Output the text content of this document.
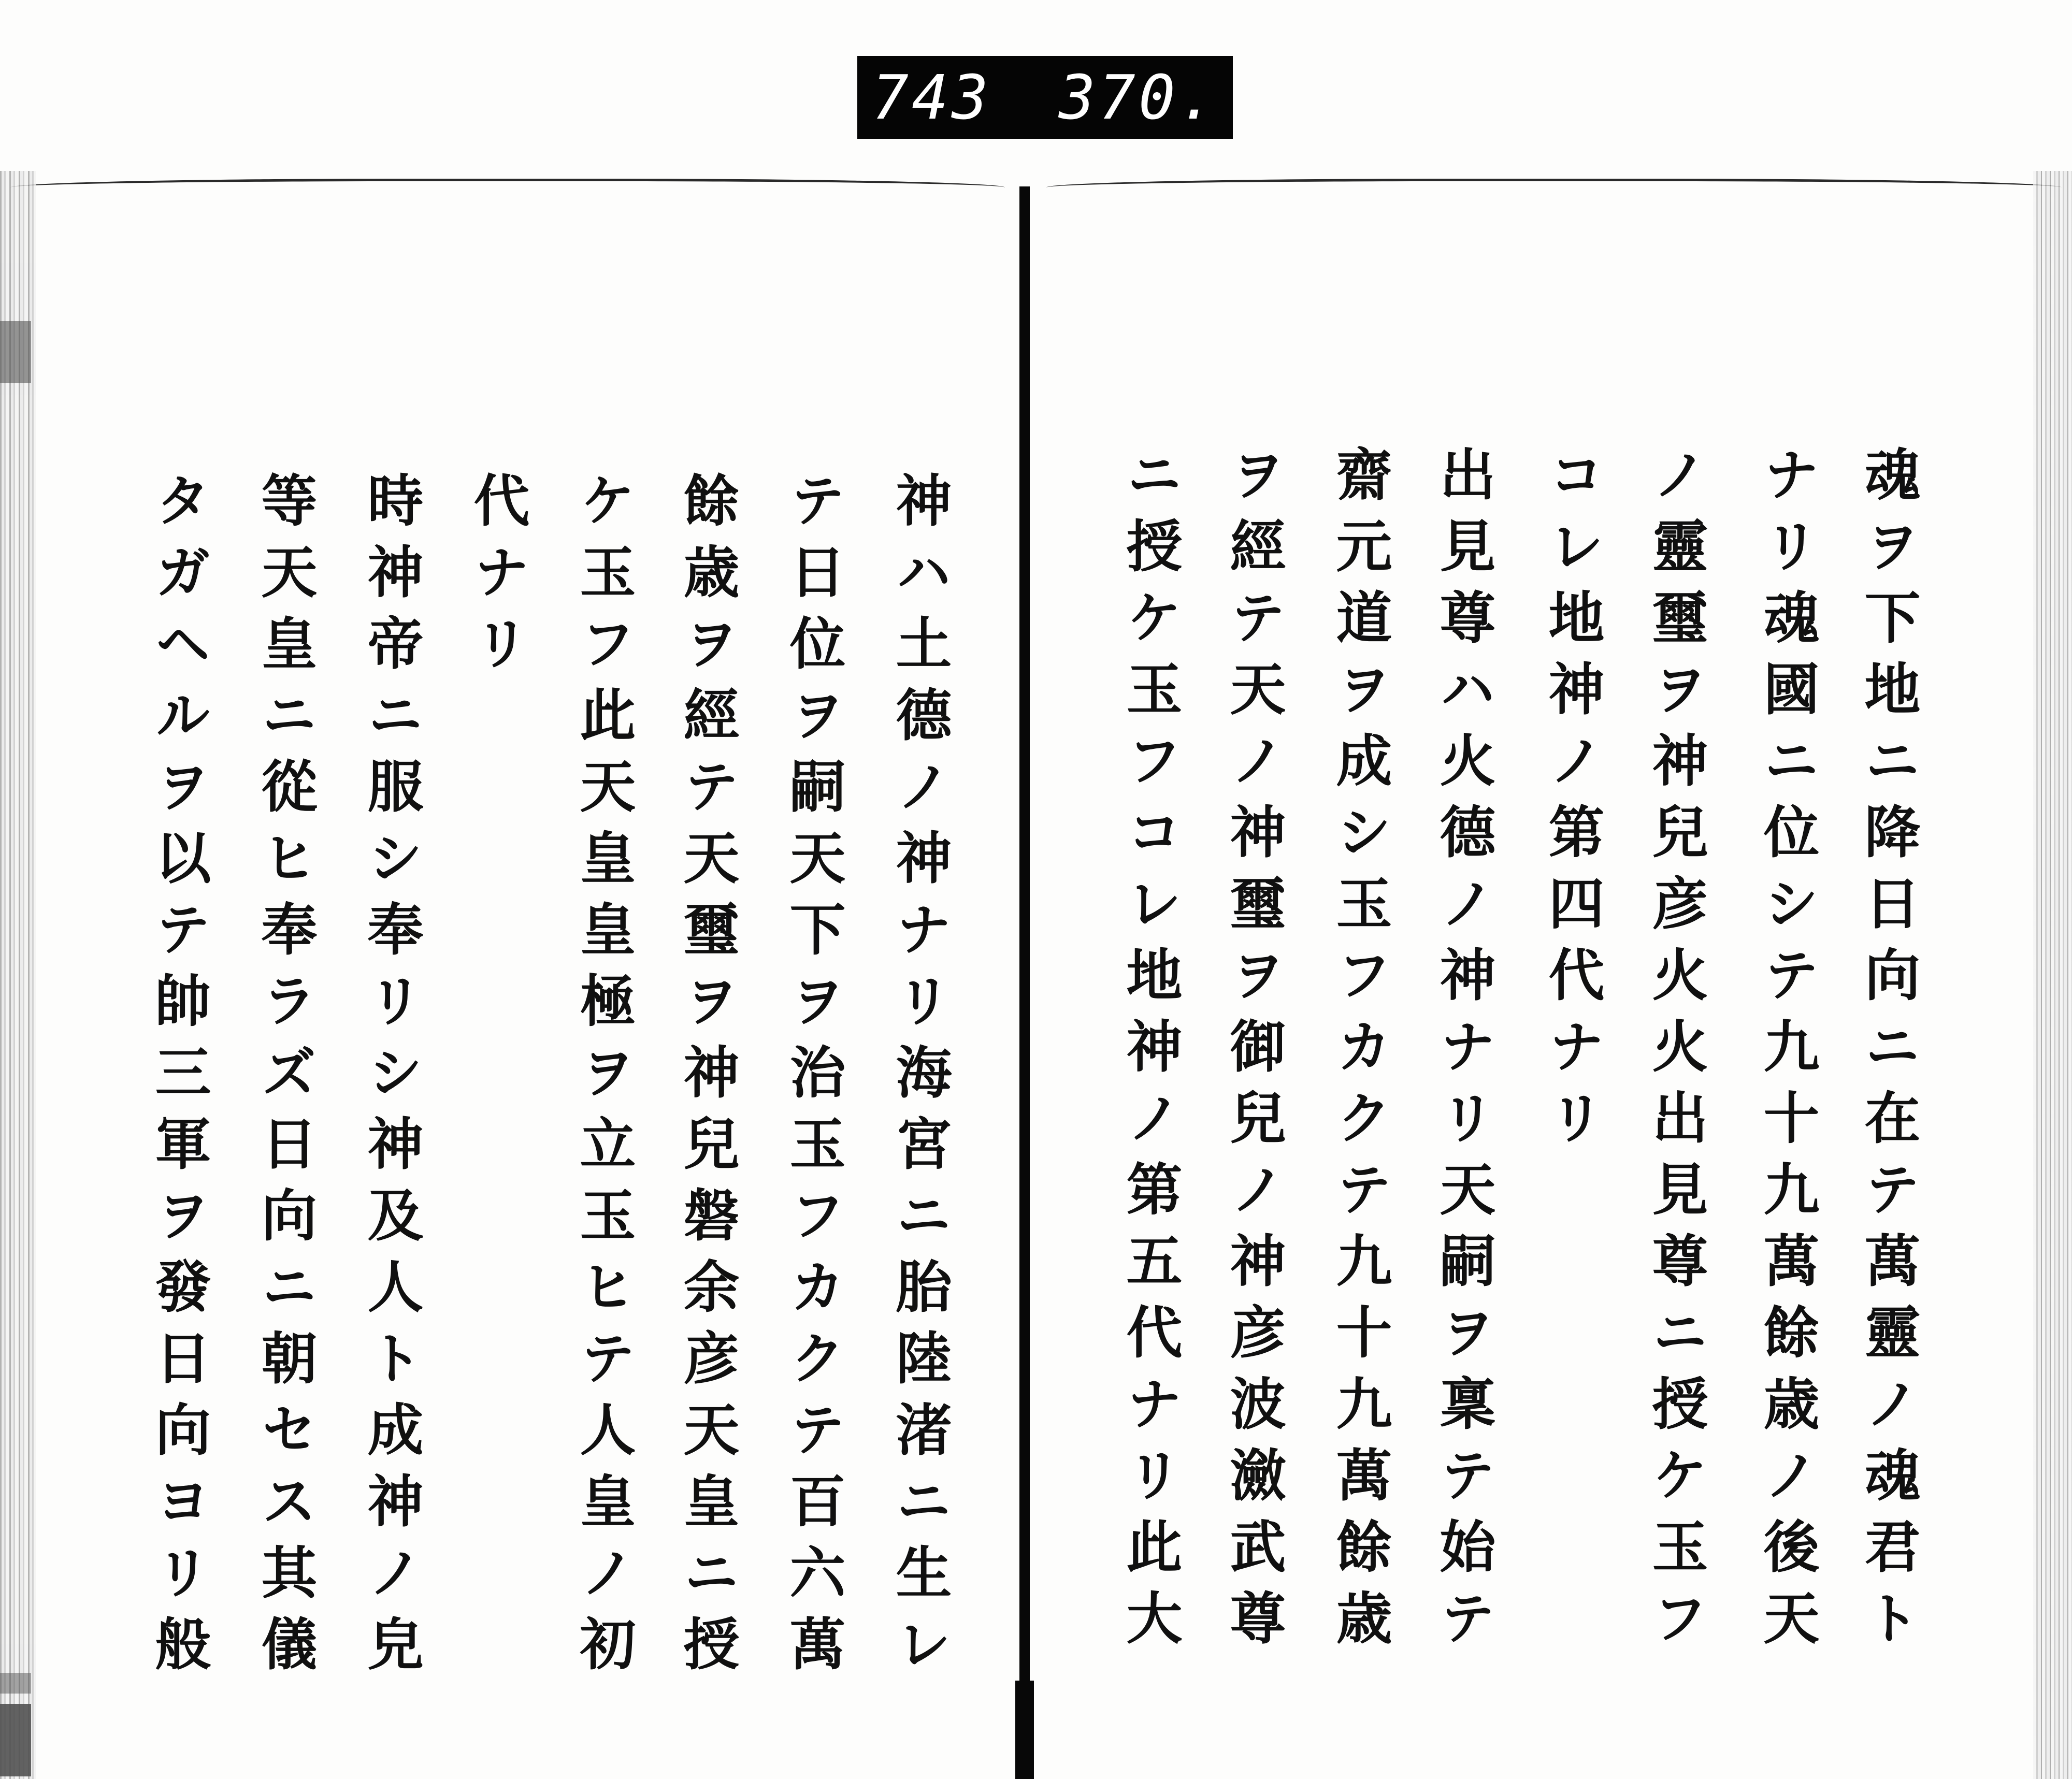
743 370.
魂ヲ下地ニ降日向ニ在テ萬靈ノ魂君ト
ナリ魂國ニ位シテ九十九萬餘歳ノ後天
ノ靈璽ヲ神兒彦火火出見尊ニ授ケ玉フ
コレ地神ノ第四代ナリ
出見尊ハ火德ノ神ナリ天嗣ヲ稟テ始テ
齋元道ヲ成シ玉フカクテ九十九萬餘歳
ヲ經テ天ノ神璽ヲ御兒ノ神彦波瀲武尊
ニ授ケ玉フコレ地神ノ第五代ナリ此大
神ハ土德ノ神ナリ海宮ニ胎陸渚ニ生レ
テ日位ヲ嗣天下ヲ治玉フカクテ百六萬
餘歳ヲ經テ天璽ヲ神兒磐余彦天皇ニ授
ケ玉フ此天皇皇極ヲ立玉ヒテ人皇ノ初
代ナリ
時神帝ニ服シ奉リシ神及人ト成神ノ皃
等天皇ニ從ヒ奉ラズ日向ニ朝セス其儀
タガヘルヲ以テ帥三軍ヲ發日向ヨリ般
